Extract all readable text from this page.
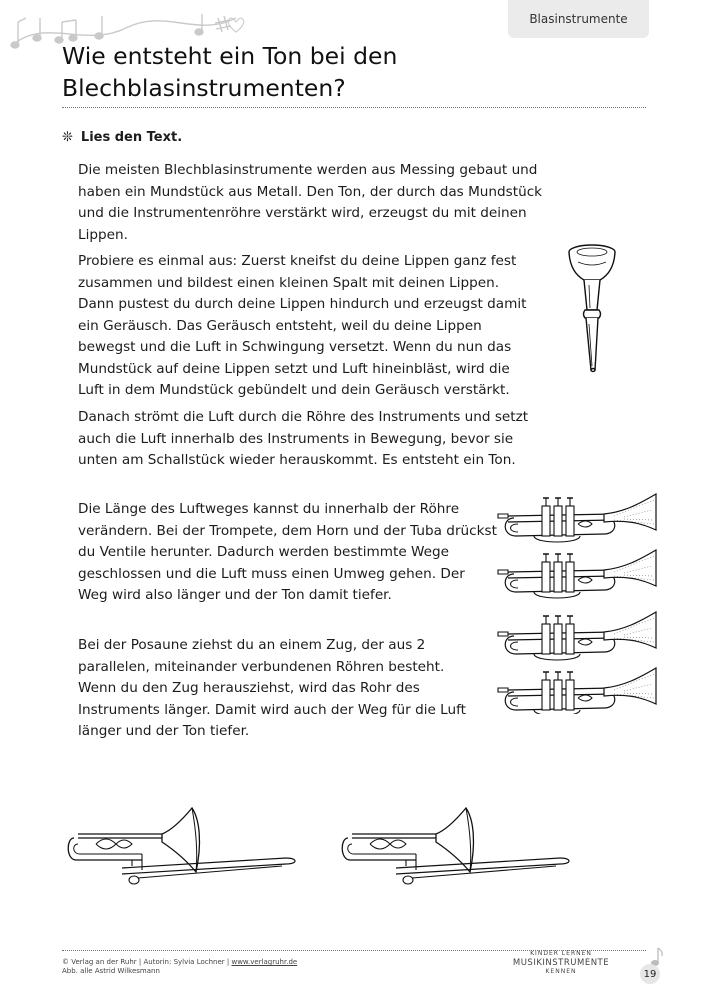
Blasinstrumente
Wie entsteht ein Ton bei den
Blechblasinstrumenten?
❊ Lies den Text.

Die meisten Blechblasinstrumente werden aus Messing gebaut und haben ein Mundstück aus Metall. Den Ton, der durch das Mundstück und die Instrumentenröhre verstärkt wird, erzeugst du mit deinen Lippen.

Probiere es einmal aus: Zuerst kneifst du deine Lippen ganz fest zusammen und bildest einen kleinen Spalt mit deinen Lippen. Dann pustest du durch deine Lippen hindurch und erzeugst damit ein Geräusch. Das Geräusch entsteht, weil du deine Lippen bewegst und die Luft in Schwingung versetzt. Wenn du nun das Mundstück auf deine Lippen setzt und Luft hineinbläst, wird die Luft in dem Mundstück gebündelt und dein Geräusch verstärkt.

Danach strömt die Luft durch die Röhre des Instruments und setzt auch die Luft innerhalb des Instruments in Bewegung, bevor sie unten am Schallstück wieder herauskommt. Es entsteht ein Ton.

Die Länge des Luftweges kannst du innerhalb der Röhre verändern. Bei der Trompete, dem Horn und der Tuba drückst du Ventile herunter. Dadurch werden bestimmte Wege geschlossen und die Luft muss einen Umweg gehen. Der Weg wird also länger und der Ton damit tiefer.

Bei der Posaune ziehst du an einem Zug, der aus 2 parallelen, miteinander verbundenen Röhren besteht. Wenn du den Zug herausziehst, wird das Rohr des Instruments länger. Damit wird auch der Weg für die Luft länger und der Ton tiefer.

© Verlag an der Ruhr | Autorin: Sylvia Lochner | www.verlagruhr.de
Abb. alle Astrid Wilkesmann
KINDER LERNEN
MUSIKINSTRUMENTE
KENNEN	19
